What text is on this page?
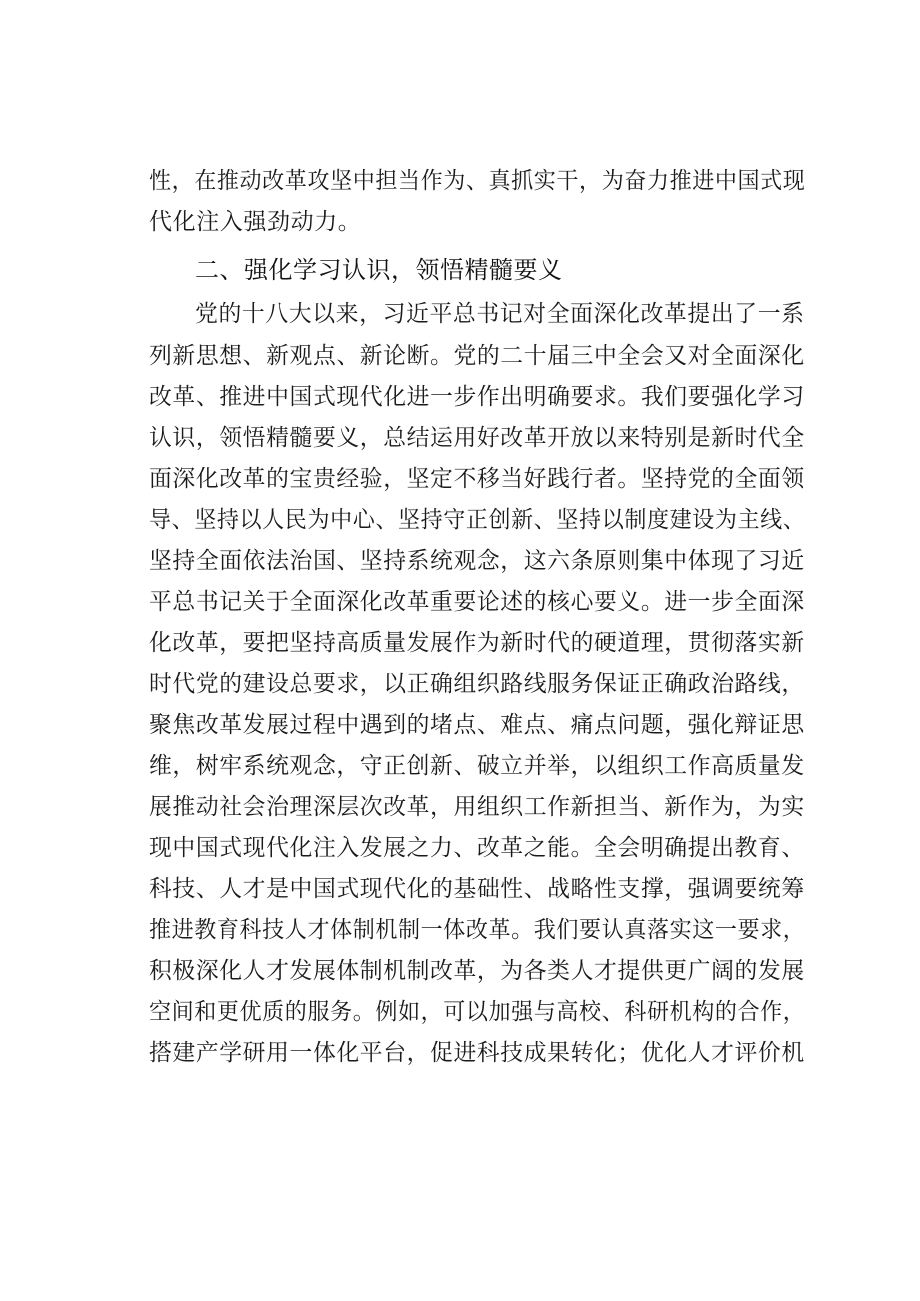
性，在推动改革攻坚中担当作为、真抓实干，为奋力推进中国式现
代化注入强劲动力。
二、强化学习认识，领悟精髓要义
党的十八大以来，习近平总书记对全面深化改革提出了一系
列新思想、新观点、新论断。党的二十届三中全会又对全面深化
改革、推进中国式现代化进一步作出明确要求。我们要强化学习
认识，领悟精髓要义，总结运用好改革开放以来特别是新时代全
面深化改革的宝贵经验，坚定不移当好践行者。坚持党的全面领
导、坚持以人民为中心、坚持守正创新、坚持以制度建设为主线、
坚持全面依法治国、坚持系统观念，这六条原则集中体现了习近
平总书记关于全面深化改革重要论述的核心要义。进一步全面深
化改革，要把坚持高质量发展作为新时代的硬道理，贯彻落实新
时代党的建设总要求，以正确组织路线服务保证正确政治路线，
聚焦改革发展过程中遇到的堵点、难点、痛点问题，强化辩证思
维，树牢系统观念，守正创新、破立并举，以组织工作高质量发
展推动社会治理深层次改革，用组织工作新担当、新作为，为实
现中国式现代化注入发展之力、改革之能。全会明确提出教育、
科技、人才是中国式现代化的基础性、战略性支撑，强调要统筹
推进教育科技人才体制机制一体改革。我们要认真落实这一要求，
积极深化人才发展体制机制改革，为各类人才提供更广阔的发展
空间和更优质的服务。例如，可以加强与高校、科研机构的合作，
搭建产学研用一体化平台，促进科技成果转化；优化人才评价机
